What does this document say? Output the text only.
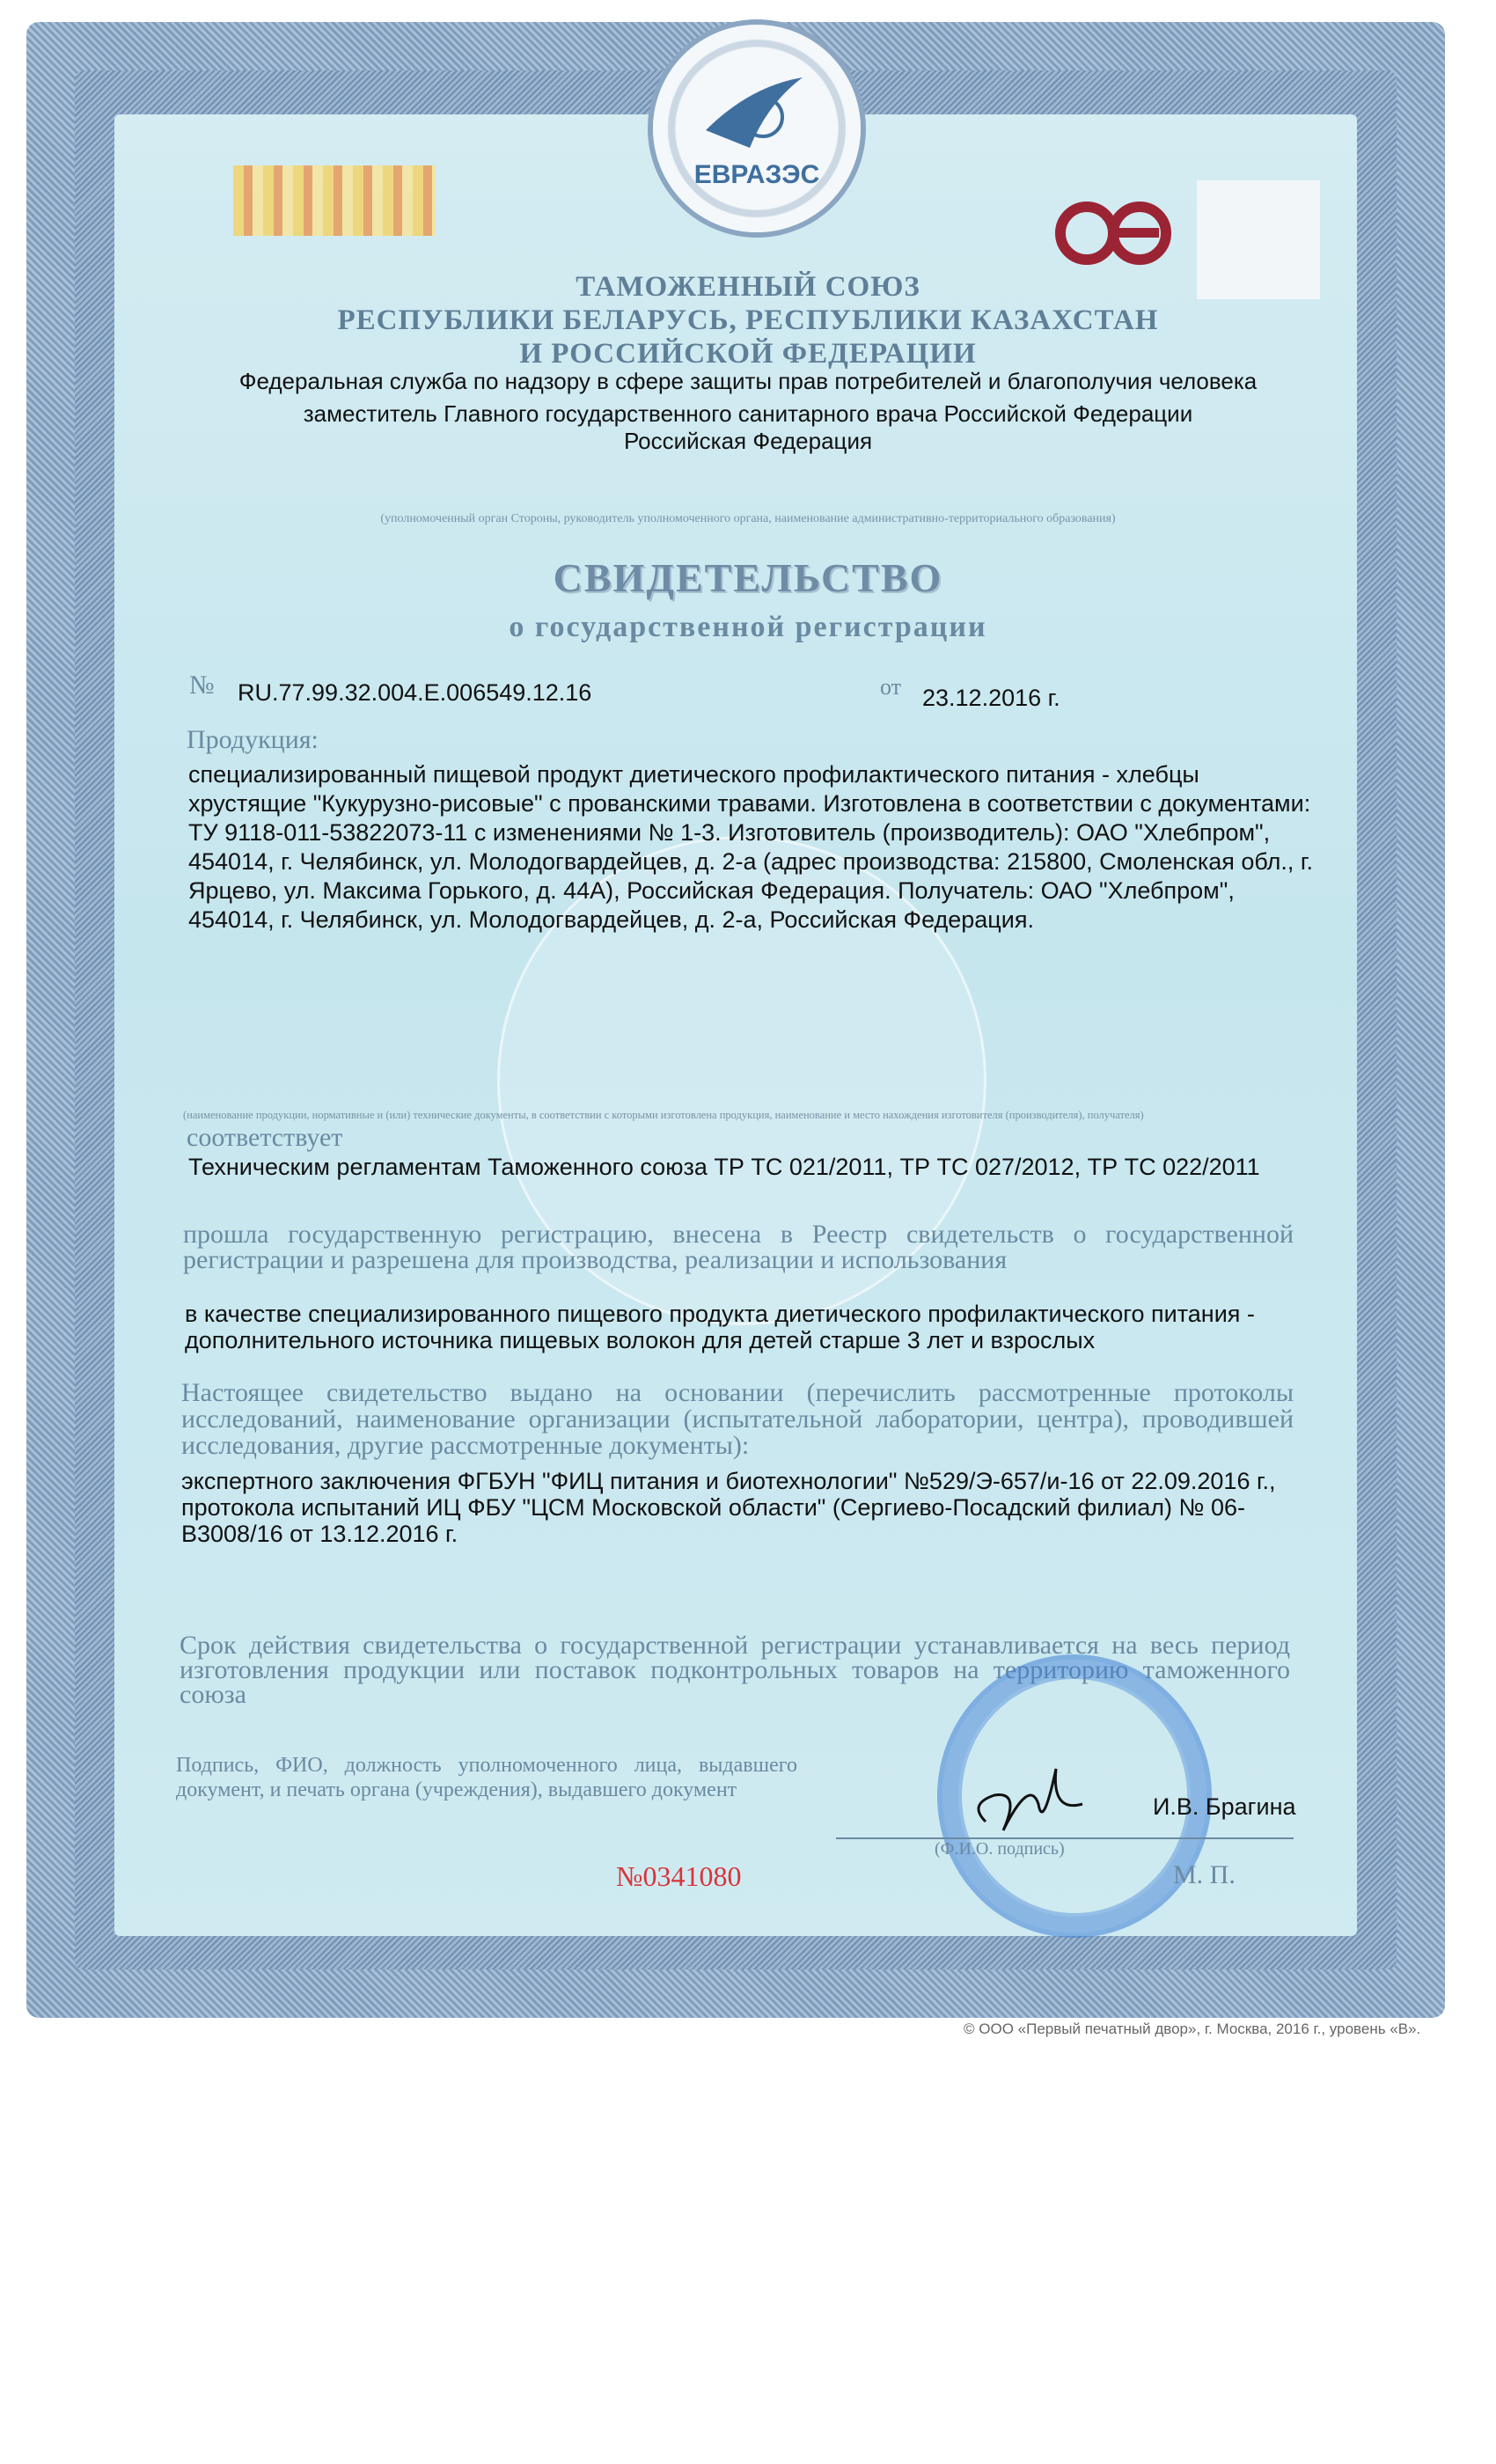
ЕВРАЗЭС
ТАМОЖЕННЫЙ СОЮЗ
РЕСПУБЛИКИ БЕЛАРУСЬ, РЕСПУБЛИКИ КАЗАХСТАН
И РОССИЙСКОЙ ФЕДЕРАЦИИ
Федеральная служба по надзору в сфере защиты прав потребителей и благополучия человека
заместитель Главного государственного санитарного врача Российской Федерации
Российская Федерация
(уполномоченный орган Стороны, руководитель уполномоченного органа, наименование административно-территориального образования)
СВИДЕТЕЛЬСТВО
о государственной регистрации
№ RU.77.99.32.004.E.006549.12.16	от 23.12.2016 г.
Продукция:
специализированный пищевой продукт диетического профилактического питания - хлебцы хрустящие "Кукурузно-рисовые" с прованскими травами. Изготовлена в соответствии с документами: ТУ 9118-011-53822073-11 с изменениями № 1-3. Изготовитель (производитель): ОАО "Хлебпром", 454014, г. Челябинск, ул. Молодогвардейцев, д. 2-а (адрес производства: 215800, Смоленская обл., г. Ярцево, ул. Максима Горького, д. 44А), Российская Федерация. Получатель: ОАО "Хлебпром", 454014, г. Челябинск, ул. Молодогвардейцев, д. 2-а, Российская Федерация.
(наименование продукции, нормативные и (или) технические документы, в соответствии с которыми изготовлена продукция, наименование и место нахождения изготовителя (производителя), получателя)
соответствует
Техническим регламентам Таможенного союза ТР ТС 021/2011, ТР ТС 027/2012, ТР ТС 022/2011
прошла государственную регистрацию, внесена в Реестр свидетельств о государственной регистрации и разрешена для производства, реализации и использования
в качестве специализированного пищевого продукта диетического профилактического питания - дополнительного источника пищевых волокон для детей старше 3 лет и взрослых
Настоящее свидетельство выдано на основании (перечислить рассмотренные протоколы исследований, наименование организации (испытательной лаборатории, центра), проводившей исследования, другие рассмотренные документы):
экспертного заключения ФГБУН "ФИЦ питания и биотехнологии" №529/Э-657/и-16 от 22.09.2016 г., протокола испытаний ИЦ ФБУ "ЦСМ Московской области" (Сергиево-Посадский филиал) № 06-В3008/16 от 13.12.2016 г.
Срок действия свидетельства о государственной регистрации устанавливается на весь период изготовления продукции или поставок подконтрольных товаров на территорию таможенного союза
Подпись, ФИО, должность уполномоченного лица, выдавшего документ, и печать органа (учреждения), выдавшего документ
И.В. Брагина
(Ф.И.О. подпись)
№0341080	М. П.
© ООО «Первый печатный двор», г. Москва, 2016 г., уровень «В».
